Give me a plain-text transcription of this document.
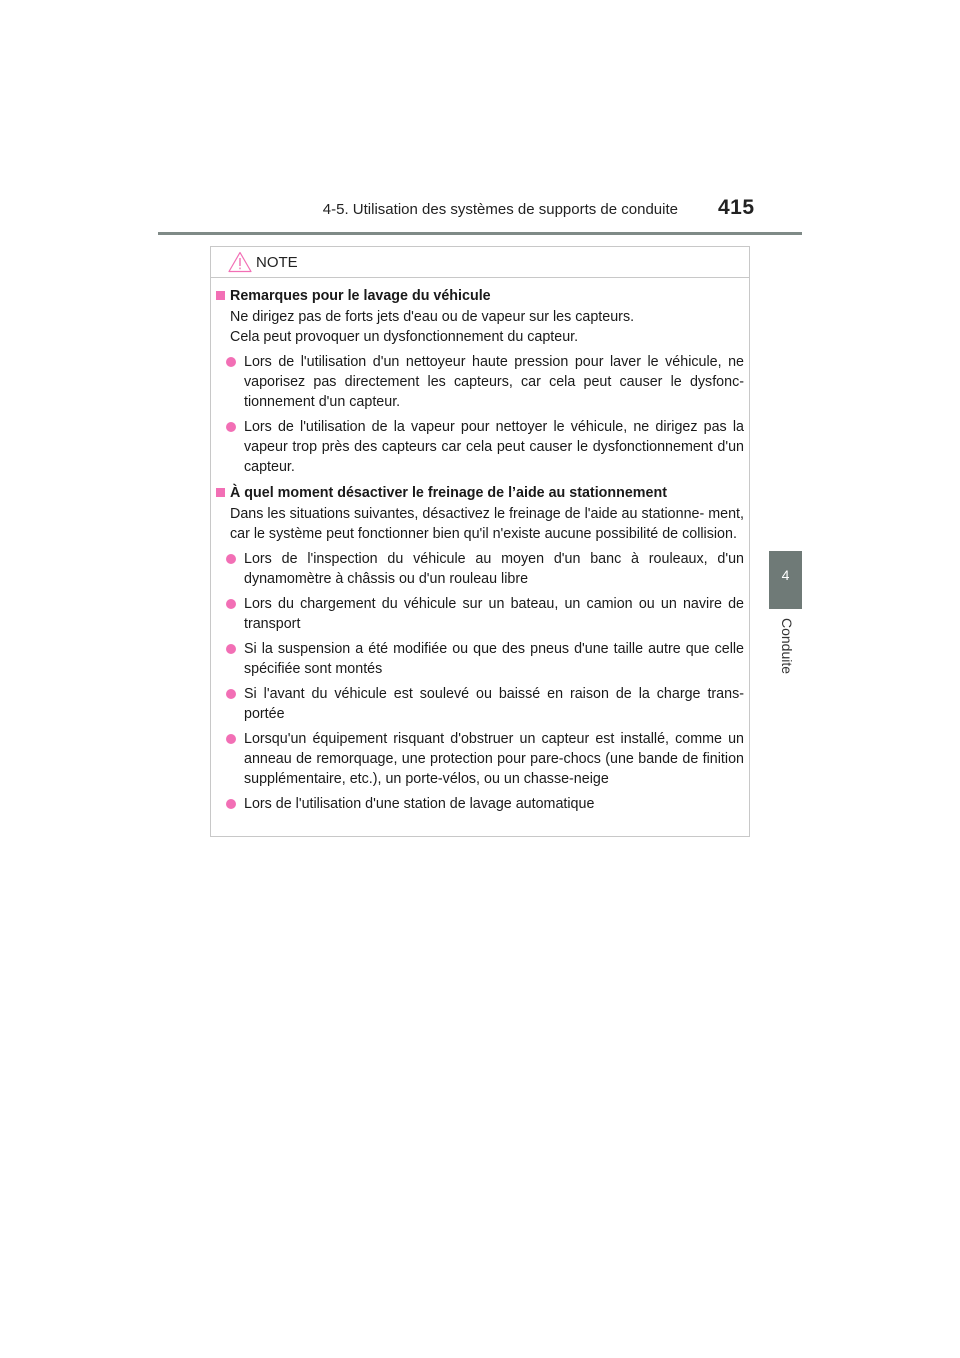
4-5. Utilisation des systèmes de supports de conduite 415
4
Conduite
NOTE
Remarques pour le lavage du véhicule
Ne dirigez pas de forts jets d'eau ou de vapeur sur les capteurs.
Cela peut provoquer un dysfonctionnement du capteur.
Lors de l'utilisation d'un nettoyeur haute pression pour laver le véhicule, ne vaporisez pas directement les capteurs, car cela peut causer le dysfonc- tionnement d'un capteur.
Lors de l'utilisation de la vapeur pour nettoyer le véhicule, ne dirigez pas la vapeur trop près des capteurs car cela peut causer le dysfonctionnement d'un capteur.
À quel moment désactiver le freinage de l’aide au stationnement
Dans les situations suivantes, désactivez le freinage de l'aide au stationne- ment, car le système peut fonctionner bien qu'il n'existe aucune possibilité de collision.
Lors de l'inspection du véhicule au moyen d'un banc à rouleaux, d'un dynamomètre à châssis ou d'un rouleau libre
Lors du chargement du véhicule sur un bateau, un camion ou un navire de transport
Si la suspension a été modifiée ou que des pneus d'une taille autre que celle spécifiée sont montés
Si l'avant du véhicule est soulevé ou baissé en raison de la charge trans- portée
Lorsqu'un équipement risquant d'obstruer un capteur est installé, comme un anneau de remorquage, une protection pour pare-chocs (une bande de finition supplémentaire, etc.), un porte-vélos, ou un chasse-neige
Lors de l'utilisation d'une station de lavage automatique
